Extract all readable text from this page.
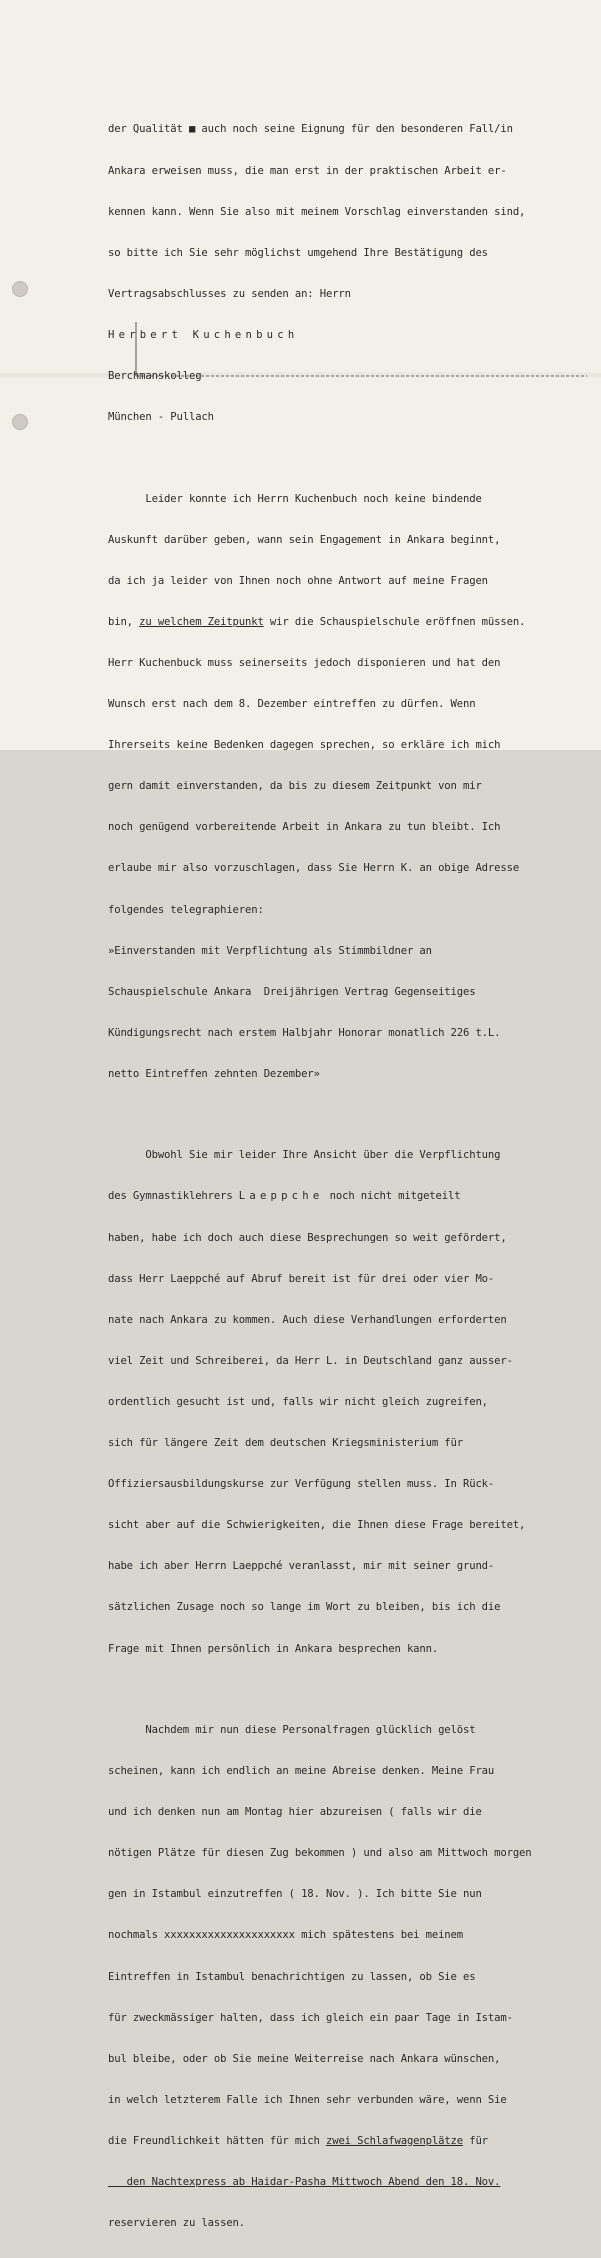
der Qualität ■ auch noch seine Eignung für den besonderen Fall/in

Ankara erweisen muss, die man erst in der praktischen Arbeit er-

kennen kann. Wenn Sie also mit meinem Vorschlag einverstanden sind,

so bitte ich Sie sehr möglichst umgehend Ihre Bestätigung des

Vertragsabschlusses zu senden an: Herrn

Herbert Kuchenbuch

Berchmanskolleg

München - Pullach

Leider konnte ich Herrn Kuchenbuch noch keine bindende

Auskunft darüber geben, wann sein Engagement in Ankara beginnt,

da ich ja leider von Ihnen noch ohne Antwort auf meine Fragen

bin, zu welchem Zeitpunkt wir die Schauspielschule eröffnen müssen.

Herr Kuchenbuck muss seinerseits jedoch disponieren und hat den

Wunsch erst nach dem 8. Dezember eintreffen zu dürfen. Wenn

Ihrerseits keine Bedenken dagegen sprechen, so erkläre ich mich

gern damit einverstanden, da bis zu diesem Zeitpunkt von mir

noch genügend vorbereitende Arbeit in Ankara zu tun bleibt. Ich

erlaube mir also vorzuschlagen, dass Sie Herrn K. an obige Adresse

folgendes telegraphieren:

»Einverstanden mit Verpflichtung als Stimmbildner an

Schauspielschule Ankara  Dreijährigen Vertrag Gegenseitiges

Kündigungsrecht nach erstem Halbjahr Honorar monatlich 226 t.L.

netto Eintreffen zehnten Dezember»

Obwohl Sie mir leider Ihre Ansicht über die Verpflichtung

des Gymnastiklehrers Laeppche noch nicht mitgeteilt

haben, habe ich doch auch diese Besprechungen so weit gefördert,

dass Herr Laeppché auf Abruf bereit ist für drei oder vier Mo-

nate nach Ankara zu kommen. Auch diese Verhandlungen erforderten

viel Zeit und Schreiberei, da Herr L. in Deutschland ganz ausser-

ordentlich gesucht ist und, falls wir nicht gleich zugreifen,

sich für längere Zeit dem deutschen Kriegsministerium für

Offiziersausbildungskurse zur Verfügung stellen muss. In Rück-

sicht aber auf die Schwierigkeiten, die Ihnen diese Frage bereitet,

habe ich aber Herrn Laeppché veranlasst, mir mit seiner grund-

sätzlichen Zusage noch so lange im Wort zu bleiben, bis ich die

Frage mit Ihnen persönlich in Ankara besprechen kann.

Nachdem mir nun diese Personalfragen glücklich gelöst

scheinen, kann ich endlich an meine Abreise denken. Meine Frau

und ich denken nun am Montag hier abzureisen ( falls wir die

nötigen Plätze für diesen Zug bekommen ) und also am Mittwoch morgen

gen in Istambul einzutreffen ( 18. Nov. ). Ich bitte Sie nun

nochmals xxxxxxxxxxxxxxxxxxxxx mich spätestens bei meinem

Eintreffen in Istambul benachrichtigen zu lassen, ob Sie es

für zweckmässiger halten, dass ich gleich ein paar Tage in Istam-

bul bleibe, oder ob Sie meine Weiterreise nach Ankara wünschen,

in welch letzterem Falle ich Ihnen sehr verbunden wäre, wenn Sie

die Freundlichkeit hätten für mich zwei Schlafwagenplätze für

den Nachtexpress ab Haidar-Pasha Mittwoch Abend den 18. Nov.

reservieren zu lassen.
